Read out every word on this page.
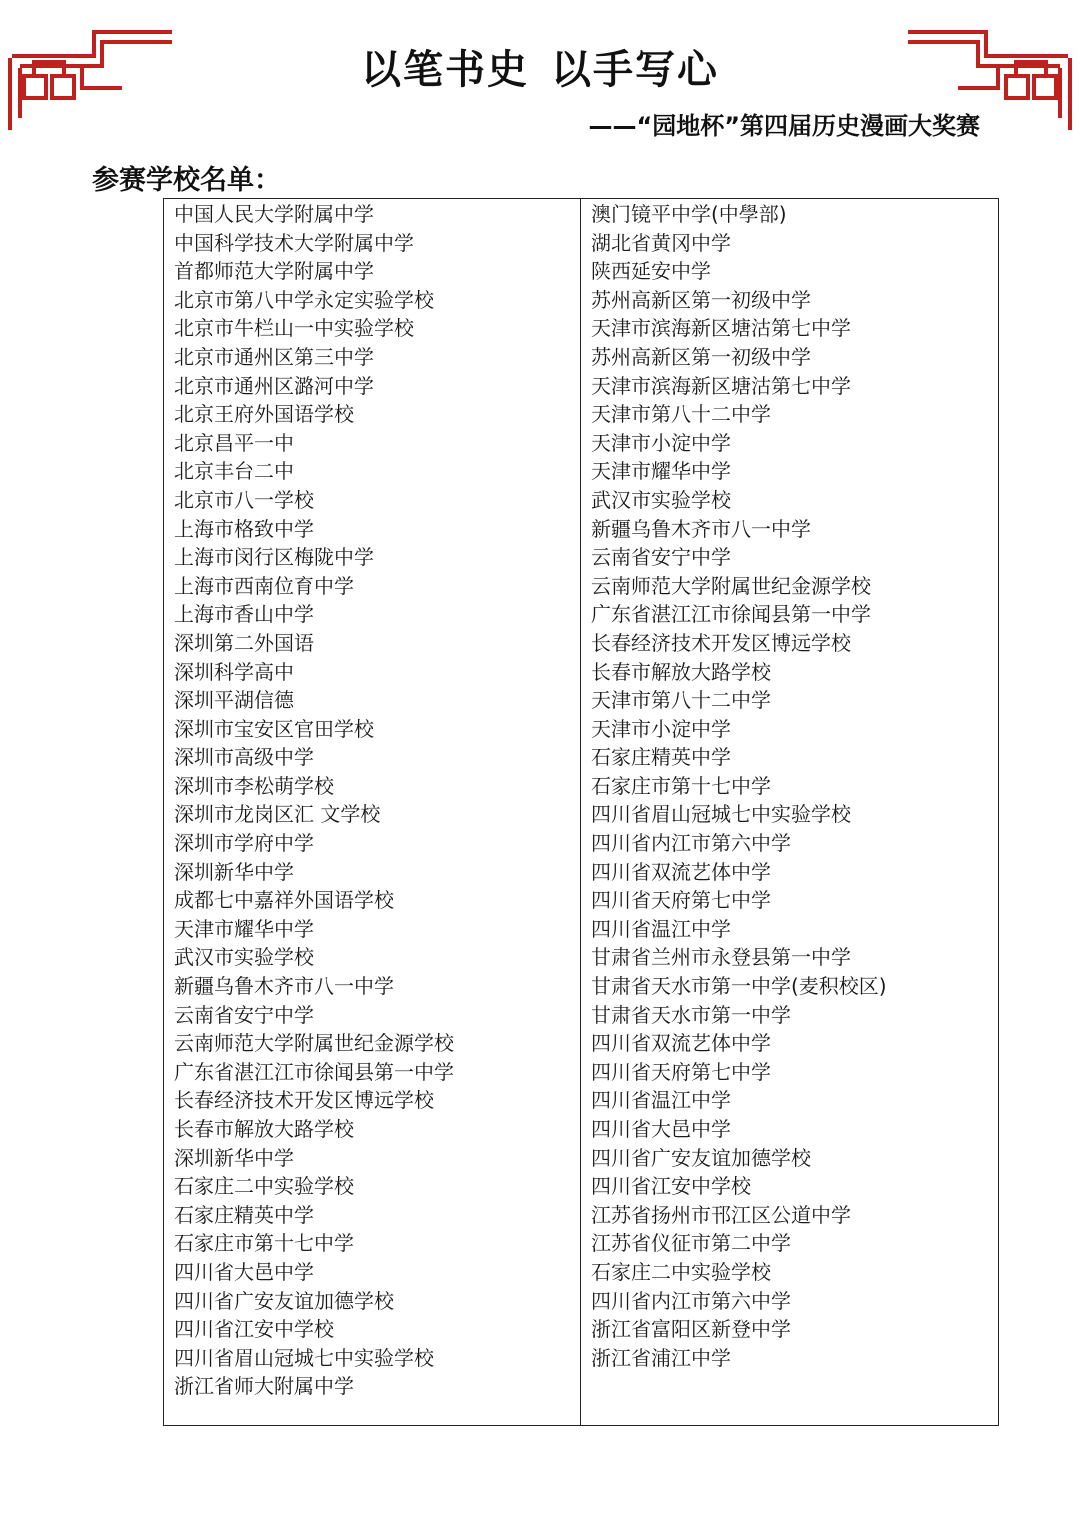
以笔书史 以手写心
——“园地杯”第四届历史漫画大奖赛
参赛学校名单：
中国人民大学附属中学
中国科学技术大学附属中学
首都师范大学附属中学
北京市第八中学永定实验学校
北京市牛栏山一中实验学校
北京市通州区第三中学
北京市通州区潞河中学
北京王府外国语学校
北京昌平一中
北京丰台二中
北京市八一学校
上海市格致中学
上海市闵行区梅陇中学
上海市西南位育中学
上海市香山中学
深圳第二外国语
深圳科学高中
深圳平湖信德
深圳市宝安区官田学校
深圳市高级中学
深圳市李松萌学校
深圳市龙岗区汇 文学校
深圳市学府中学
深圳新华中学
成都七中嘉祥外国语学校
天津市耀华中学
武汉市实验学校
新疆乌鲁木齐市八一中学
云南省安宁中学
云南师范大学附属世纪金源学校
广东省湛江江市徐闻县第一中学
长春经济技术开发区博远学校
长春市解放大路学校
深圳新华中学
石家庄二中实验学校
石家庄精英中学
石家庄市第十七中学
四川省大邑中学
四川省广安友谊加德学校
四川省江安中学校
四川省眉山冠城七中实验学校
浙江省师大附属中学
澳门镜平中学(中學部)
湖北省黄冈中学
陕西延安中学
苏州高新区第一初级中学
天津市滨海新区塘沽第七中学
苏州高新区第一初级中学
天津市滨海新区塘沽第七中学
天津市第八十二中学
天津市小淀中学
天津市耀华中学
武汉市实验学校
新疆乌鲁木齐市八一中学
云南省安宁中学
云南师范大学附属世纪金源学校
广东省湛江江市徐闻县第一中学
长春经济技术开发区博远学校
长春市解放大路学校
天津市第八十二中学
天津市小淀中学
石家庄精英中学
石家庄市第十七中学
四川省眉山冠城七中实验学校
四川省内江市第六中学
四川省双流艺体中学
四川省天府第七中学
四川省温江中学
甘肃省兰州市永登县第一中学
甘肃省天水市第一中学(麦积校区)
甘肃省天水市第一中学
四川省双流艺体中学
四川省天府第七中学
四川省温江中学
四川省大邑中学
四川省广安友谊加德学校
四川省江安中学校
江苏省扬州市邗江区公道中学
江苏省仪征市第二中学
石家庄二中实验学校
四川省内江市第六中学
浙江省富阳区新登中学
浙江省浦江中学
